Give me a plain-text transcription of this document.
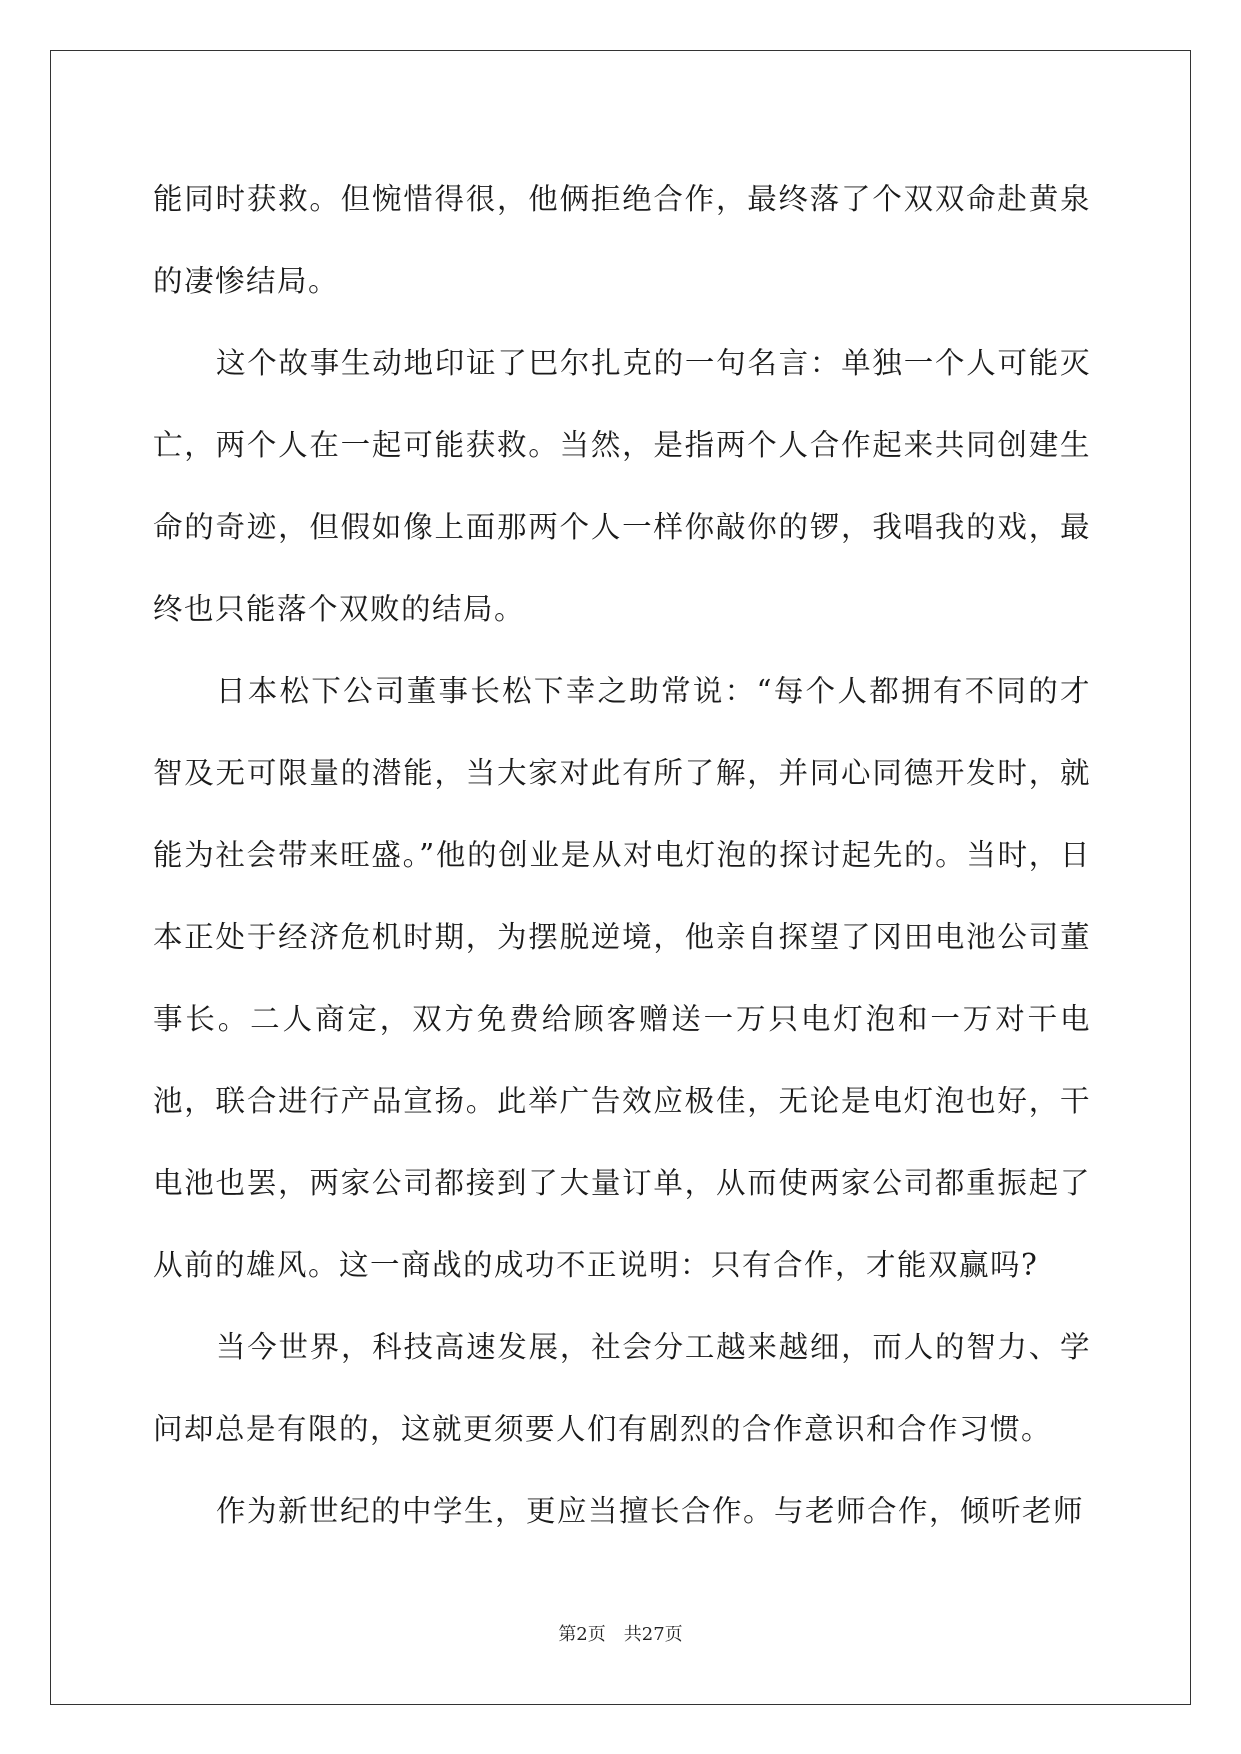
能同时获救。但惋惜得很，他俩拒绝合作，最终落了个双双命赴黄泉的凄惨结局。

这个故事生动地印证了巴尔扎克的一句名言：单独一个人可能灭亡，两个人在一起可能获救。当然，是指两个人合作起来共同创建生命的奇迹，但假如像上面那两个人一样你敲你的锣，我唱我的戏，最终也只能落个双败的结局。

日本松下公司董事长松下幸之助常说：“每个人都拥有不同的才智及无可限量的潜能，当大家对此有所了解，并同心同德开发时，就能为社会带来旺盛。”他的创业是从对电灯泡的探讨起先的。当时，日本正处于经济危机时期，为摆脱逆境，他亲自探望了冈田电池公司董事长。二人商定，双方免费给顾客赠送一万只电灯泡和一万对干电池，联合进行产品宣扬。此举广告效应极佳，无论是电灯泡也好，干电池也罢，两家公司都接到了大量订单，从而使两家公司都重振起了从前的雄风。这一商战的成功不正说明：只有合作，才能双赢吗?

当今世界，科技高速发展，社会分工越来越细，而人的智力、学问却总是有限的，这就更须要人们有剧烈的合作意识和合作习惯。

作为新世纪的中学生，更应当擅长合作。与老师合作，倾听老师

第2页 共27页
